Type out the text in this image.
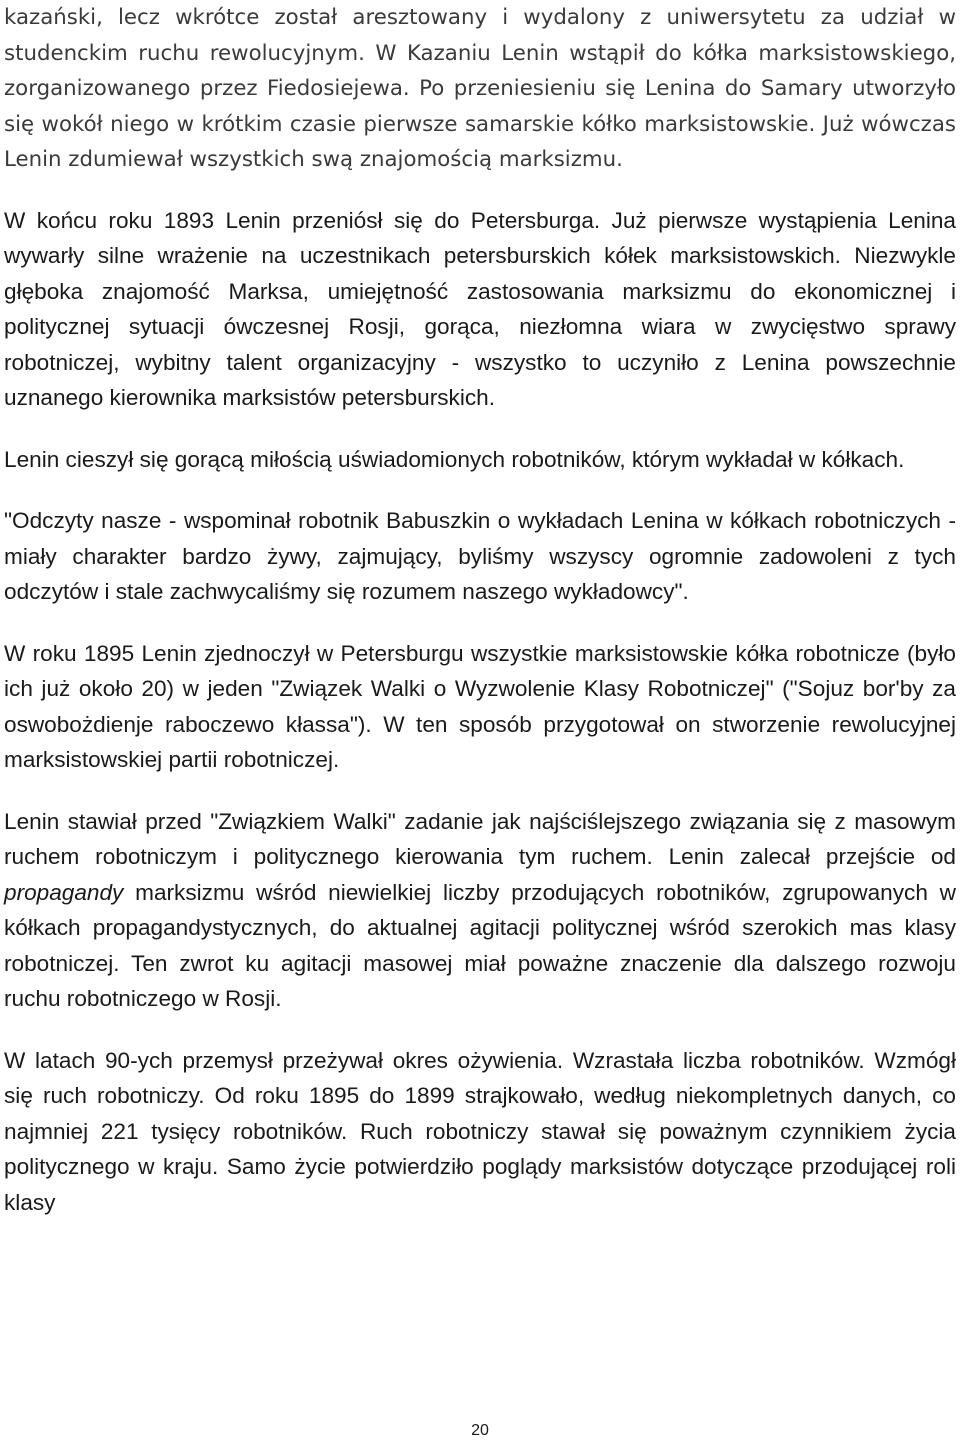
kazański, lecz wkrótce został aresztowany i wydalony z uniwersytetu za udział w studenckim ruchu rewolucyjnym. W Kazaniu Lenin wstąpił do kółka marksistowskiego, zorganizowanego przez Fiedosiejewa. Po przeniesieniu się Lenina do Samary utworzyło się wokół niego w krótkim czasie pierwsze samarskie kółko marksistowskie. Już wówczas Lenin zdumiewał wszystkich swą znajomością marksizmu.

W końcu roku 1893 Lenin przeniósł się do Petersburga. Już pierwsze wystąpienia Lenina wywarły silne wrażenie na uczestnikach petersburskich kółek marksistowskich. Niezwykle głęboka znajomość Marksa, umiejętność zastosowania marksizmu do ekonomicznej i politycznej sytuacji ówczesnej Rosji, gorąca, niezłomna wiara w zwycięstwo sprawy robotniczej, wybitny talent organizacyjny - wszystko to uczyniło z Lenina powszechnie uznanego kierownika marksistów petersburskich.

Lenin cieszył się gorącą miłością uświadomionych robotników, którym wykładał w kółkach.

"Odczyty nasze - wspominał robotnik Babuszkin o wykładach Lenina w kółkach robotniczych - miały charakter bardzo żywy, zajmujący, byliśmy wszyscy ogromnie zadowoleni z tych odczytów i stale zachwycaliśmy się rozumem naszego wykładowcy".

W roku 1895 Lenin zjednoczył w Petersburgu wszystkie marksistowskie kółka robotnicze (było ich już około 20) w jeden "Związek Walki o Wyzwolenie Klasy Robotniczej" ("Sojuz bor'by za oswobożdienje raboczewo kłassa"). W ten sposób przygotował on stworzenie rewolucyjnej marksistowskiej partii robotniczej.

Lenin stawiał przed "Związkiem Walki" zadanie jak najściślejszego związania się z masowym ruchem robotniczym i politycznego kierowania tym ruchem. Lenin zalecał przejście od propagandy marksizmu wśród niewielkiej liczby przodujących robotników, zgrupowanych w kółkach propagandystycznych, do aktualnej agitacji politycznej wśród szerokich mas klasy robotniczej. Ten zwrot ku agitacji masowej miał poważne znaczenie dla dalszego rozwoju ruchu robotniczego w Rosji.

W latach 90-ych przemysł przeżywał okres ożywienia. Wzrastała liczba robotników. Wzmógł się ruch robotniczy. Od roku 1895 do 1899 strajkowało, według niekompletnych danych, co najmniej 221 tysięcy robotników. Ruch robotniczy stawał się poważnym czynnikiem życia politycznego w kraju. Samo życie potwierdziło poglądy marksistów dotyczące przodującej roli klasy

20
